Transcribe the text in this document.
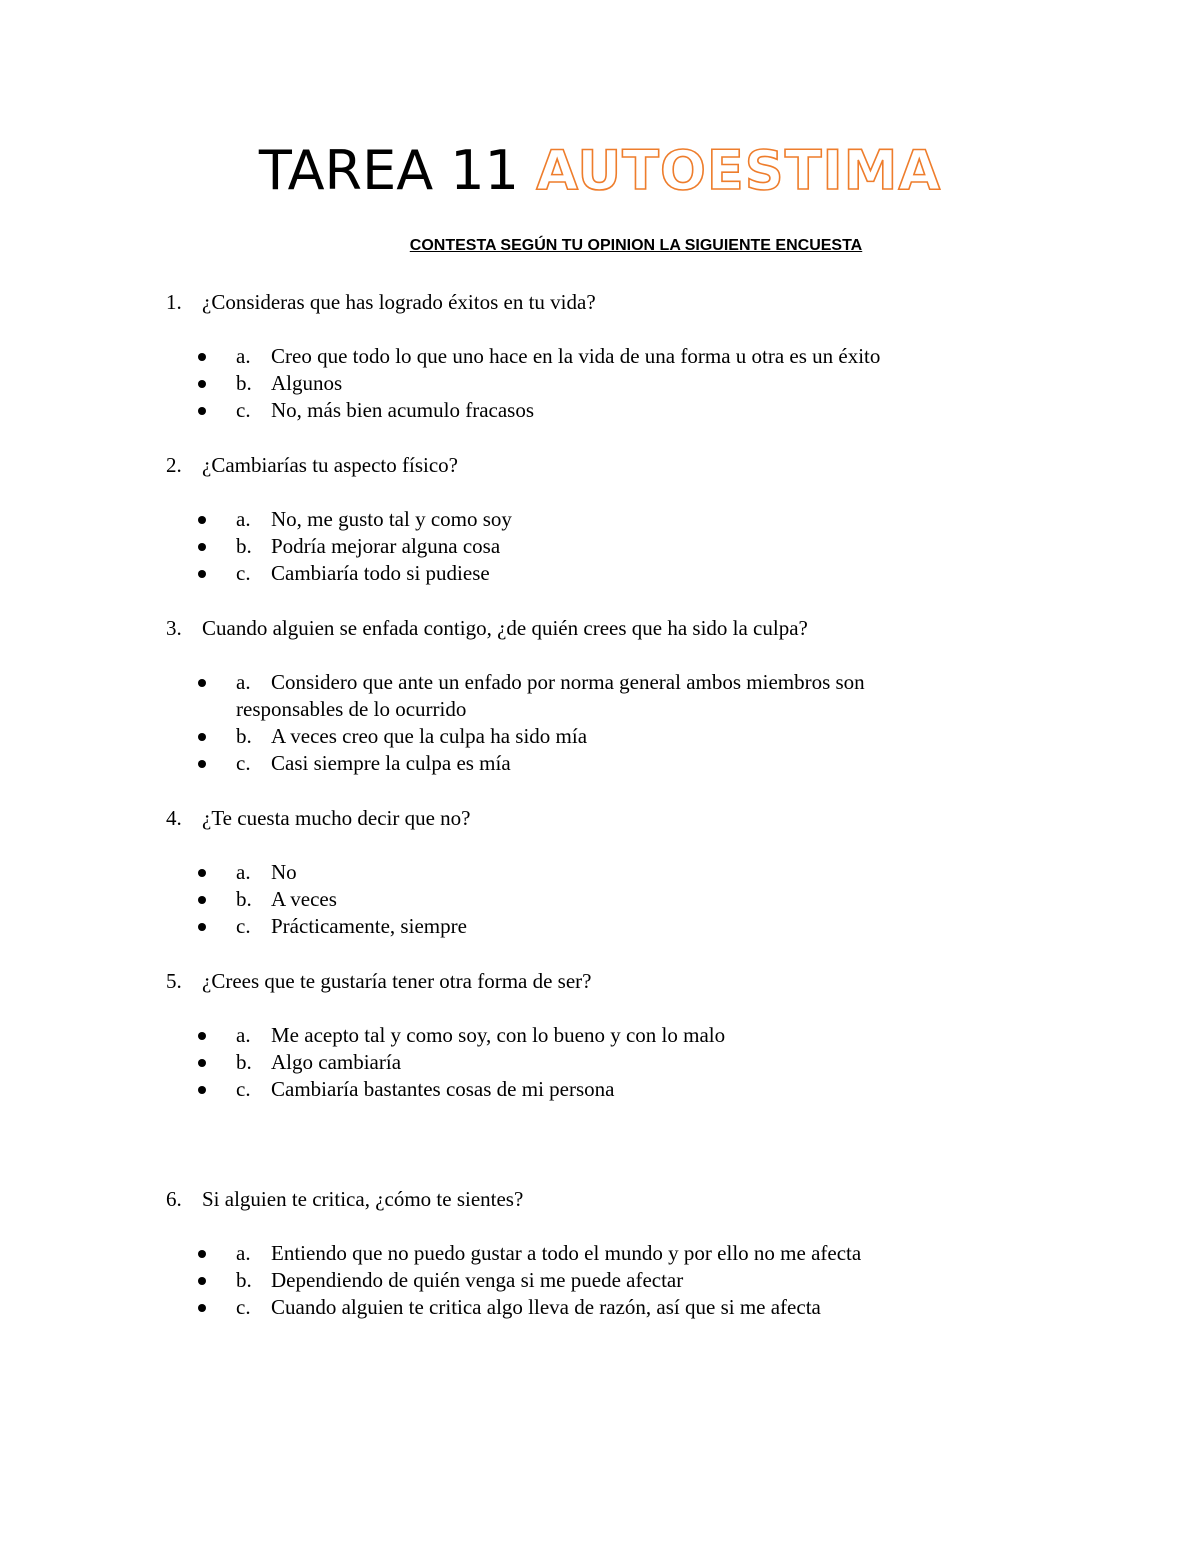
TAREA 11 AUTOESTIMA
CONTESTA SEGÚN TU OPINION LA SIGUIENTE ENCUESTA
1. ¿Consideras que has logrado éxitos en tu vida?
a. Creo que todo lo que uno hace en la vida de una forma u otra es un éxito
b. Algunos
c. No, más bien acumulo fracasos
2. ¿Cambiarías tu aspecto físico?
a. No, me gusto tal y como soy
b. Podría mejorar alguna cosa
c. Cambiaría todo si pudiese
3. Cuando alguien se enfada contigo, ¿de quién crees que ha sido la culpa?
a. Considero que ante un enfado por norma general ambos miembros son responsables de lo ocurrido
b. A veces creo que la culpa ha sido mía
c. Casi siempre la culpa es mía
4. ¿Te cuesta mucho decir que no?
a. No
b. A veces
c. Prácticamente, siempre
5. ¿Crees que te gustaría tener otra forma de ser?
a. Me acepto tal y como soy, con lo bueno y con lo malo
b. Algo cambiaría
c. Cambiaría bastantes cosas de mi persona
6. Si alguien te critica, ¿cómo te sientes?
a. Entiendo que no puedo gustar a todo el mundo y por ello no me afecta
b. Dependiendo de quién venga si me puede afectar
c. Cuando alguien te critica algo lleva de razón, así que si me afecta
